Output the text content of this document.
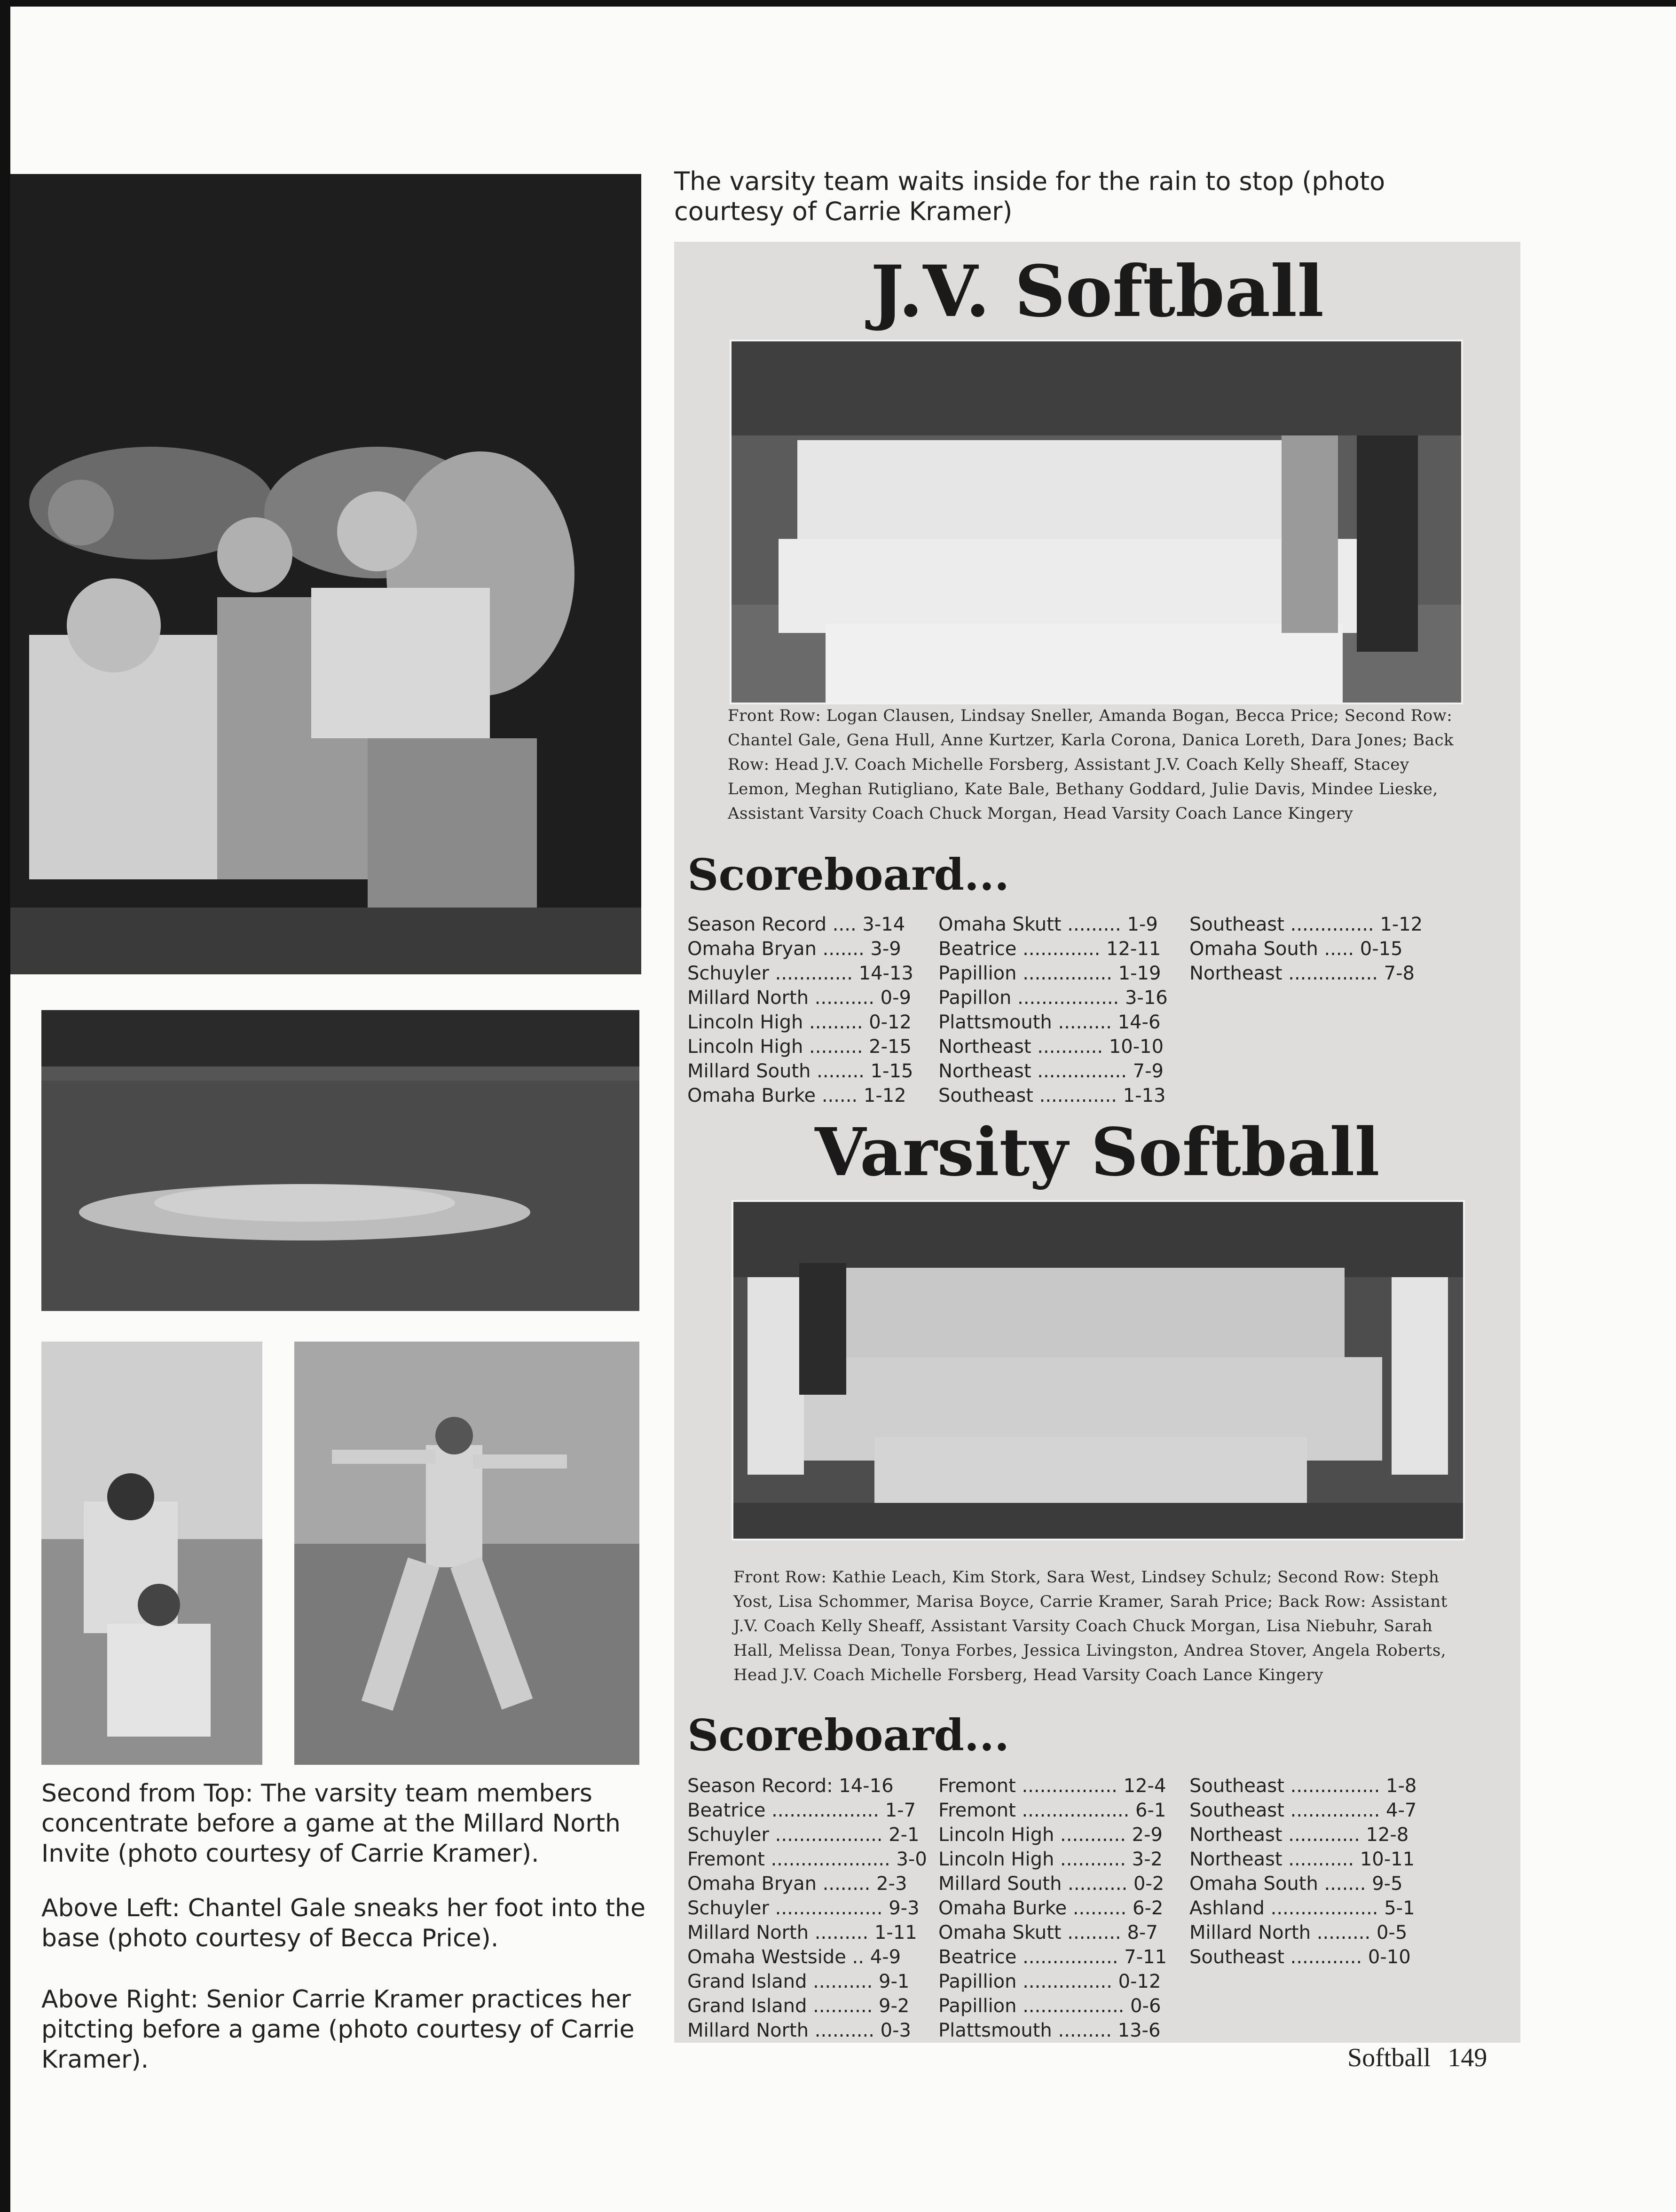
Second from Top: The varsity team members concentrate before a game at the Millard North Invite (photo courtesy of Carrie Kramer).
Above Left: Chantel Gale sneaks her foot into the base (photo courtesy of Becca Price).
Above Right: Senior Carrie Kramer practices her pitcting before a game (photo courtesy of Carrie Kramer).
The varsity team waits inside for the rain to stop (photo courtesy of Carrie Kramer)
J.V. Softball
Front Row: Logan Clausen, Lindsay Sneller, Amanda Bogan, Becca Price; Second Row: Chantel Gale, Gena Hull, Anne Kurtzer, Karla Corona, Danica Loreth, Dara Jones; Back Row: Head J.V. Coach Michelle Forsberg, Assistant J.V. Coach Kelly Sheaff, Stacey Lemon, Meghan Rutigliano, Kate Bale, Bethany Goddard, Julie Davis, Mindee Lieske, Assistant Varsity Coach Chuck Morgan, Head Varsity Coach Lance Kingery
Scoreboard...
Season Record .... 3-14
Omaha Bryan ....... 3-9
Schuyler ............. 14-13
Millard North .......... 0-9
Lincoln High ......... 0-12
Lincoln High ......... 2-15
Millard South ........ 1-15
Omaha Burke ...... 1-12
Omaha Skutt ......... 1-9
Beatrice ............. 12-11
Papillion ............... 1-19
Papillon ................. 3-16
Plattsmouth ......... 14-6
Northeast ........... 10-10
Northeast ............... 7-9
Southeast ............. 1-13
Southeast .............. 1-12
Omaha South ..... 0-15
Northeast ............... 7-8
Varsity Softball
Front Row: Kathie Leach, Kim Stork, Sara West, Lindsey Schulz; Second Row: Steph Yost, Lisa Schommer, Marisa Boyce, Carrie Kramer, Sarah Price; Back Row: Assistant J.V. Coach Kelly Sheaff, Assistant Varsity Coach Chuck Morgan, Lisa Niebuhr, Sarah Hall, Melissa Dean, Tonya Forbes, Jessica Livingston, Andrea Stover, Angela Roberts, Head J.V. Coach Michelle Forsberg, Head Varsity Coach Lance Kingery
Scoreboard...
Season Record: 14-16
Beatrice .................. 1-7
Schuyler .................. 2-1
Fremont .................... 3-0
Omaha Bryan ........ 2-3
Schuyler .................. 9-3
Millard North ......... 1-11
Omaha Westside .. 4-9
Grand Island .......... 9-1
Grand Island .......... 9-2
Millard North .......... 0-3
Fremont ................ 12-4
Fremont .................. 6-1
Lincoln High ........... 2-9
Lincoln High ........... 3-2
Millard South .......... 0-2
Omaha Burke ......... 6-2
Omaha Skutt ......... 8-7
Beatrice ................ 7-11
Papillion ............... 0-12
Papillion ................. 0-6
Plattsmouth ......... 13-6
Southeast ............... 1-8
Southeast ............... 4-7
Northeast ............ 12-8
Northeast ........... 10-11
Omaha South ....... 9-5
Ashland .................. 5-1
Millard North ......... 0-5
Southeast ............ 0-10
Softball 149
